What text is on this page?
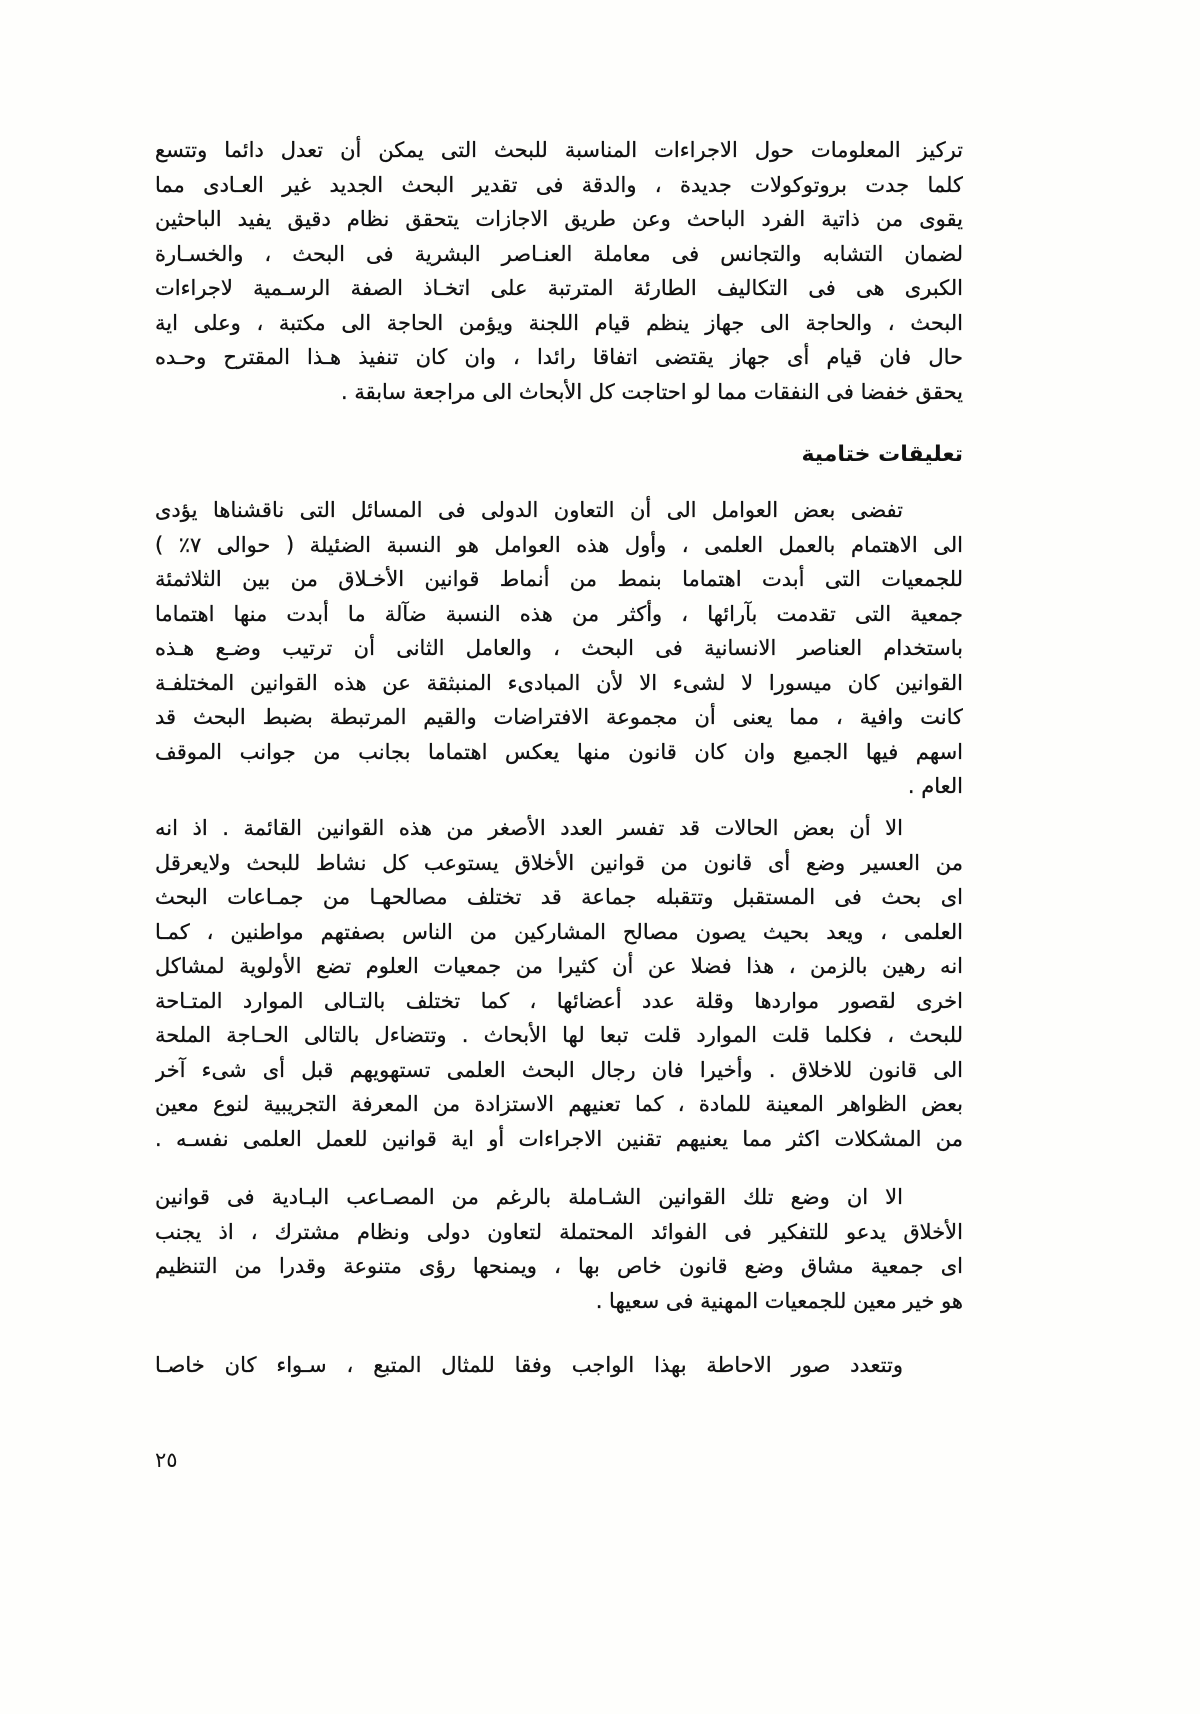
تركيز المعلومات حول الاجراءات المناسبة للبحث التى يمكن أن تعدل دائما وتتسع
كلما جدت بروتوكولات جديدة ، والدقة فى تقدير البحث الجديد غير العـادى مما
يقوى من ذاتية الفرد الباحث وعن طريق الاجازات يتحقق نظام دقيق يفيد الباحثين
لضمان التشابه والتجانس فى معاملة العنـاصر البشرية فى البحث ، والخسـارة
الكبرى هى فى التكاليف الطارئة المترتبة على اتخـاذ الصفة الرسـمية لاجراءات
البحث ، والحاجة الى جهاز ينظم قيام اللجنة ويؤمن الحاجة الى مكتبة ، وعلى اية
حال فان قيام أى جهاز يقتضى اتفاقا رائدا ، وان كان تنفيذ هـذا المقترح وحـده
يحقق خفضا فى النفقات مما لو احتاجت كل الأبحاث الى مراجعة سابقة .
تعليقات ختامية
تفضى بعض العوامل الى أن التعاون الدولى فى المسائل التى ناقشناها يؤدى
الى الاهتمام بالعمل العلمى ، وأول هذه العوامل هو النسبة الضئيلة ( حوالى ٧٪ )
للجمعيات التى أبدت اهتماما بنمط من أنماط قوانين الأخـلاق من بين الثلاثمئة
جمعية التى تقدمت بآرائها ، وأكثر من هذه النسبة ضآلة ما أبدت منها اهتماما
باستخدام العناصر الانسانية فى البحث ، والعامل الثانى أن ترتيب وضـع هـذه
القوانين كان ميسورا لا لشىء الا لأن المبادىء المنبثقة عن هذه القوانين المختلفـة
كانت وافية ، مما يعنى أن مجموعة الافتراضات والقيم المرتبطة بضبط البحث قد
اسهم فيها الجميع وان كان قانون منها يعكس اهتماما بجانب من جوانب الموقف
العام .
الا أن بعض الحالات قد تفسر العدد الأصغر من هذه القوانين القائمة . اذ انه
من العسير وضع أى قانون من قوانين الأخلاق يستوعب كل نشاط للبحث ولايعرقل
اى بحث فى المستقبل وتتقبله جماعة قد تختلف مصالحهـا من جمـاعات البحث
العلمى ، ويعد بحيث يصون مصالح المشاركين من الناس بصفتهم مواطنين ، كمـا
انه رهين بالزمن ، هذا فضلا عن أن كثيرا من جمعيات العلوم تضع الأولوية لمشاكل
اخرى لقصور مواردها وقلة عدد أعضائها ، كما تختلف بالتـالى الموارد المتـاحة
للبحث ، فكلما قلت الموارد قلت تبعا لها الأبحاث . وتتضاءل بالتالى الحـاجة الملحة
الى قانون للاخلاق . وأخيرا فان رجال البحث العلمى تستهويهم قبل أى شىء آخر
بعض الظواهر المعينة للمادة ، كما تعنيهم الاستزادة من المعرفة التجريبية لنوع معين
من المشكلات اكثر مما يعنيهم تقنين الاجراءات أو اية قوانين للعمل العلمى نفسـه .
الا ان وضع تلك القوانين الشـاملة بالرغم من المصـاعب البـادية فى قوانين
الأخلاق يدعو للتفكير فى الفوائد المحتملة لتعاون دولى ونظام مشترك ، اذ يجنب
اى جمعية مشاق وضع قانون خاص بها ، ويمنحها رؤى متنوعة وقدرا من التنظيم
هو خير معين للجمعيات المهنية فى سعيها .
وتتعدد صور الاحاطة بهذا الواجب وفقا للمثال المتبع ، سـواء كان خاصـا
٢٥
